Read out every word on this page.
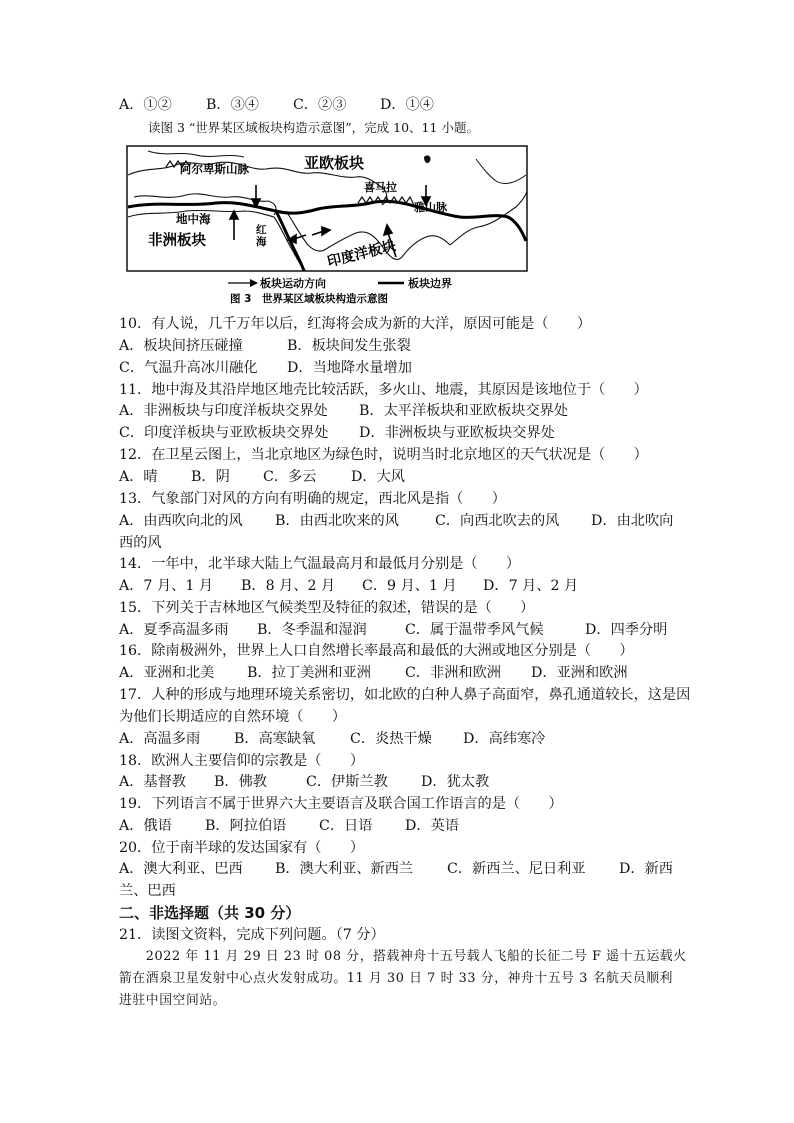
A．①②

B．③④

C．②③

D．①④

读图 3 “世界某区域板块构造示意图”，完成 10、11 小题。
亚欧板块
阿尔卑斯山脉
喜马拉
雅山脉
地中海
非洲板块
红
海	印度洋板块
板块运动方向	板块边界
图 3　世界某区域板块构造示意图
10．有人说，几千万年以后，红海将会成为新的大洋，原因可能是（　　）

A．板块间挤压碰撞

	B．板块间发生张裂

C．气温升高冰川融化

D．当地降水量增加

11．地中海及其沿岸地区地壳比较活跃，多火山、地震，其原因是该地位于（　　）

A．非洲板块与印度洋板块交界处

B．太平洋板块和亚欧板块交界处

C．印度洋板块与亚欧板块交界处

D．非洲板块与亚欧板块交界处

12．在卫星云图上，当北京地区为绿色时，说明当时北京地区的天气状况是（　　）

A．晴

B．阴

C．多云

D．大风

13．气象部门对风的方向有明确的规定，西北风是指（　　）

A．由西吹向北的风

B．由西北吹来的风

	C．向西北吹去的风

D．由北吹向

西的风
14．一年中，北半球大陆上气温最高月和最低月分别是（　　）

A．7 月、1 月

B．8 月、2 月

C．9 月、1 月

D．7 月、2 月

15．下列关于吉林地区气候类型及特征的叙述，错误的是（　　）

A．夏季高温多雨

B．冬季温和湿润

	C．属于温带季风气候

	D．四季分明

16．除南极洲外，世界上人口自然增长率最高和最低的大洲或地区分别是（　　）

A．亚洲和北美

B．拉丁美洲和亚洲

C．非洲和欧洲

D．亚洲和欧洲

17．人种的形成与地理环境关系密切，如北欧的白种人鼻子高面窄，鼻孔通道较长，这是因
为他们长期适应的自然环境（　　）

A．高温多雨

B．高寒缺氧

C．炎热干燥

D．高纬寒冷

18．欧洲人主要信仰的宗教是（　　）

A．基督教

B．佛教

	C．伊斯兰教

D．犹太教

19．下列语言不属于世界六大主要语言及联合国工作语言的是（　　）

A．俄语

B．阿拉伯语

C．日语

D．英语

20．位于南半球的发达国家有（　　）

A．澳大利亚、巴西

B．澳大利亚、新西兰

C．新西兰、尼日利亚

D．新西

兰、巴西
二、非选择题（共 30 分）
21．读图文资料，完成下列问题。（7 分）
　　2022 年 11 月 29 日 23 时 08 分，搭载神舟十五号载人飞船的长征二号 F 遥十五运载火
箭在酒泉卫星发射中心点火发射成功。11 月 30 日 7 时 33 分，神舟十五号 3 名航天员顺利
进驻中国空间站。
